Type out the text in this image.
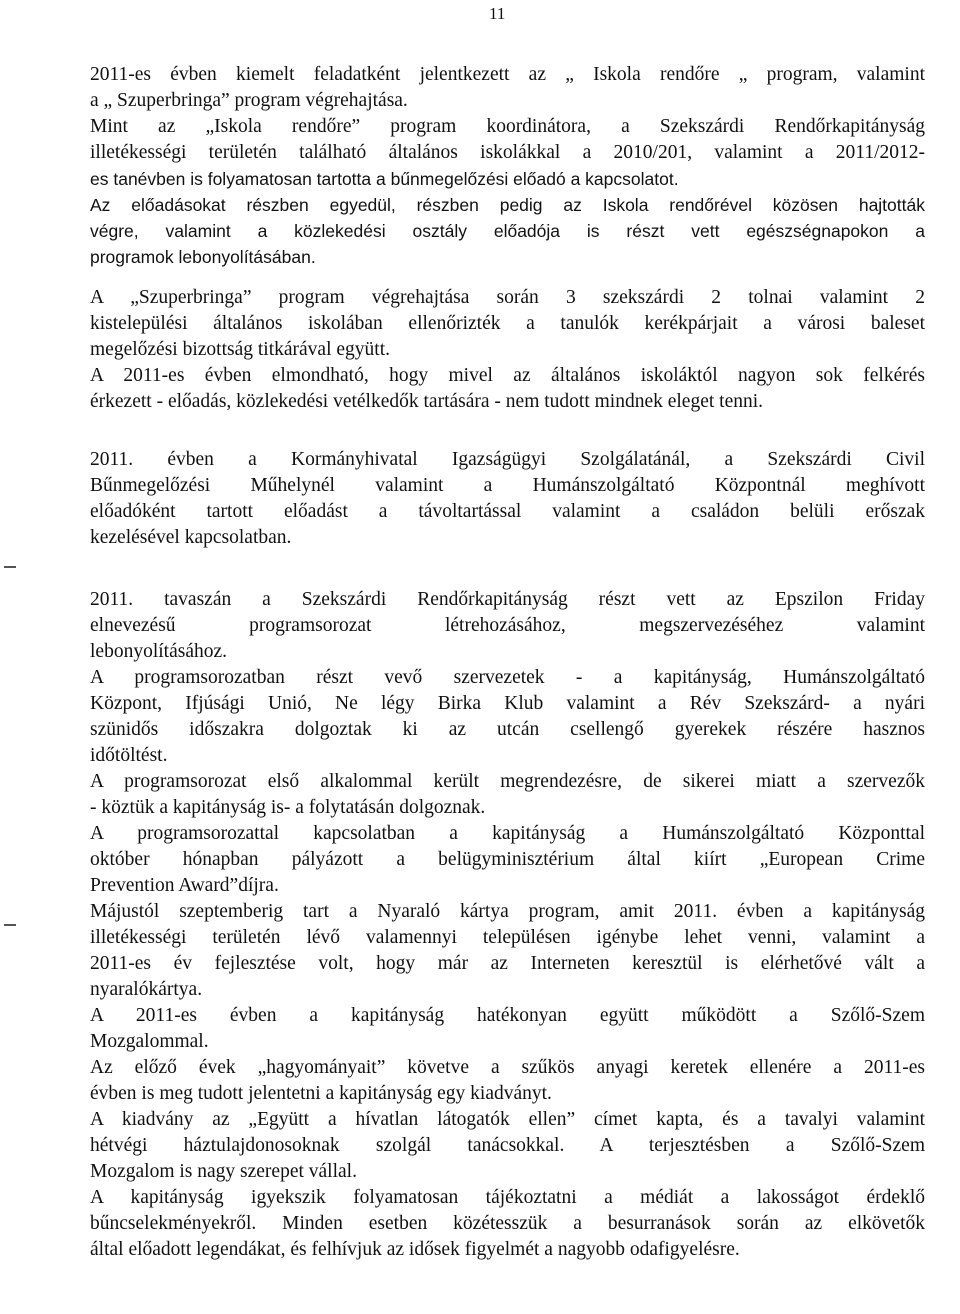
11
2011-es évben kiemelt feladatként jelentkezett az „ Iskola rendőre „ program, valamint
a „ Szuperbringa” program végrehajtása.
Mint az „Iskola rendőre” program koordinátora, a Szekszárdi Rendőrkapitányság
illetékességi területén található általános iskolákkal a 2010/201, valamint a 2011/2012-
es tanévben is folyamatosan tartotta a bűnmegelőzési előadó a kapcsolatot.
Az előadásokat részben egyedül, részben pedig az Iskola rendőrével közösen hajtották
végre, valamint a közlekedési osztály előadója is részt vett egészségnapokon a
programok lebonyolításában.
A „Szuperbringa” program végrehajtása során 3 szekszárdi 2 tolnai valamint 2
kistelepülési általános iskolában ellenőrizték a tanulók kerékpárjait a városi baleset
megelőzési bizottság titkárával együtt.
A 2011-es évben elmondható, hogy mivel az általános iskoláktól nagyon sok felkérés
érkezett - előadás, közlekedési vetélkedők tartására - nem tudott mindnek eleget tenni.
2011. évben a Kormányhivatal Igazságügyi Szolgálatánál, a Szekszárdi Civil
Bűnmegelőzési Műhelynél valamint a Humánszolgáltató Központnál meghívott
előadóként tartott előadást a távoltartással valamint a családon belüli erőszak
kezelésével kapcsolatban.
2011. tavaszán a Szekszárdi Rendőrkapitányság részt vett az Epszilon Friday
elnevezésű programsorozat létrehozásához, megszervezéséhez valamint
lebonyolításához.
A programsorozatban részt vevő szervezetek - a kapitányság, Humánszolgáltató
Központ, Ifjúsági Unió, Ne légy Birka Klub valamint a Rév Szekszárd- a nyári
szünidős időszakra dolgoztak ki az utcán csellengő gyerekek részére hasznos
időtöltést.
A programsorozat első alkalommal került megrendezésre, de sikerei miatt a szervezők
- köztük a kapitányság is- a folytatásán dolgoznak.
A programsorozattal kapcsolatban a kapitányság a Humánszolgáltató Központtal
október hónapban pályázott a belügyminisztérium által kiírt „European Crime
Prevention Award”díjra.
Májustól szeptemberig tart a Nyaraló kártya program, amit 2011. évben a kapitányság
illetékességi területén lévő valamennyi településen igénybe lehet venni, valamint a
2011-es év fejlesztése volt, hogy már az Interneten keresztül is elérhetővé vált a
nyaralókártya.
A 2011-es évben a kapitányság hatékonyan együtt működött a Szőlő-Szem
Mozgalommal.
Az előző évek „hagyományait” követve a szűkös anyagi keretek ellenére a 2011-es
évben is meg tudott jelentetni a kapitányság egy kiadványt.
A kiadvány az „Együtt a hívatlan látogatók ellen” címet kapta, és a tavalyi valamint
hétvégi háztulajdonosoknak szolgál tanácsokkal. A terjesztésben a Szőlő-Szem
Mozgalom is nagy szerepet vállal.
A kapitányság igyekszik folyamatosan tájékoztatni a médiát a lakosságot érdeklő
bűncselekményekről. Minden esetben közétesszük a besurranások során az elkövetők
által előadott legendákat, és felhívjuk az idősek figyelmét a nagyobb odafigyelésre.
